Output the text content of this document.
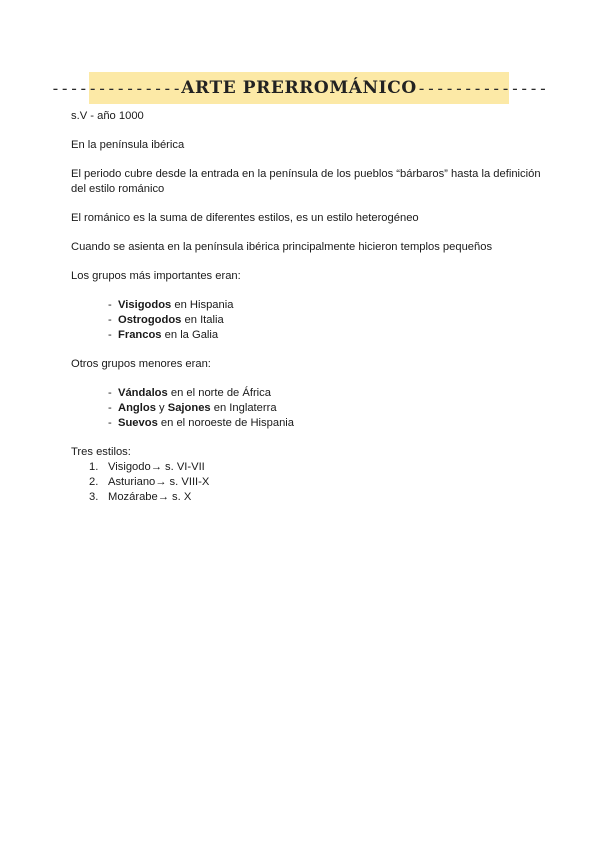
-------------- ARTE PRERROMÁNICO --------------

s.V - año 1000

En la península ibérica

El periodo cubre desde la entrada en la península de los pueblos “bárbaros” hasta la definición del estilo románico

El románico es la suma de diferentes estilos, es un estilo heterogéneo

Cuando se asienta en la península ibérica principalmente hicieron templos pequeños

Los grupos más importantes eran:

- Visigodos en Hispania
- Ostrogodos en Italia
- Francos en la Galia

Otros grupos menores eran:

- Vándalos en el norte de África
- Anglos y Sajones en Inglaterra
- Suevos en el noroeste de Hispania

Tres estilos:

1. Visigodo→ s. VI-VII
2. Asturiano→ s. VIII-X
3. Mozárabe→ s. X
